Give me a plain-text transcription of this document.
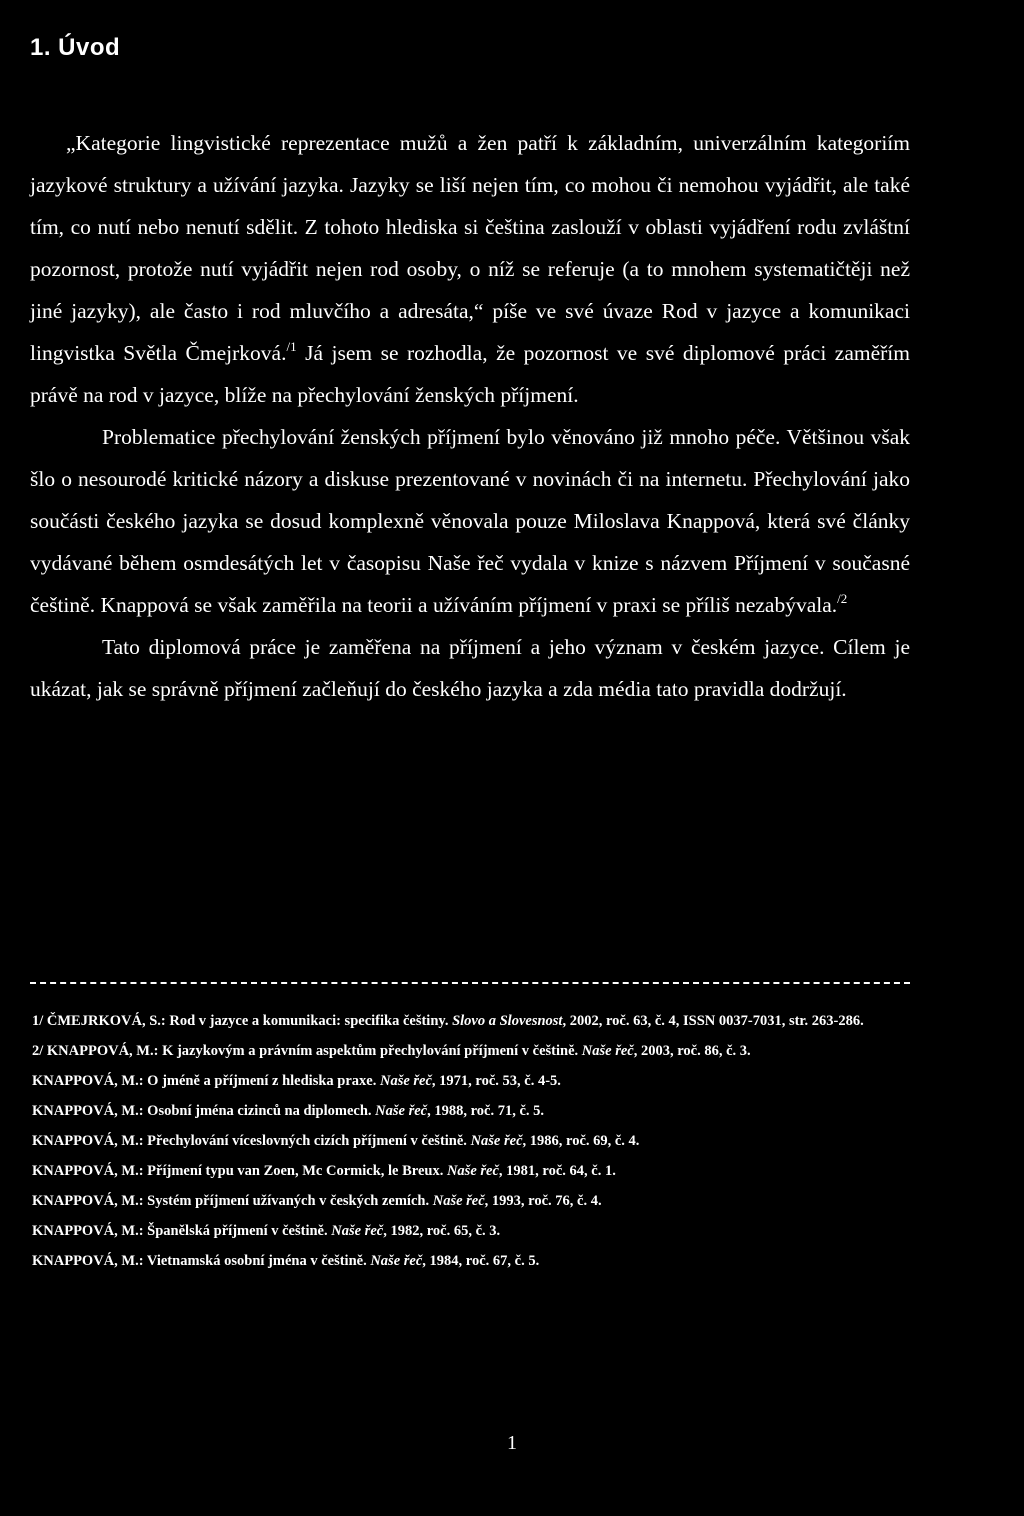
1. Úvod

„Kategorie lingvistické reprezentace mužů a žen patří k základním, univerzálním kategoriím jazykové struktury a užívání jazyka. Jazyky se liší nejen tím, co mohou či nemohou vyjádřit, ale také tím, co nutí nebo nenutí sdělit. Z tohoto hlediska si čeština zaslouží v oblasti vyjádření rodu zvláštní pozornost, protože nutí vyjádřit nejen rod osoby, o níž se referuje (a to mnohem systematičtěji než jiné jazyky), ale často i rod mluvčího a adresáta,“ píše ve své úvaze Rod v jazyce a komunikaci lingvistka Světla Čmejrková.$^{/1}$ Já jsem se rozhodla, že pozornost ve své diplomové práci zaměřím právě na rod v jazyce, blíže na přechylování ženských příjmení.

Problematice přechylování ženských příjmení bylo věnováno již mnoho péče. Většinou však šlo o nesourodé kritické názory a diskuse prezentované v novinách či na internetu. Přechylování jako součásti českého jazyka se dosud komplexně věnovala pouze Miloslava Knappová, která své články vydávané během osmdesátých let v časopisu Naše řeč vydala v knize s názvem Příjmení v současné češtině. Knappová se však zaměřila na teorii a užíváním příjmení v praxi se příliš nezabývala.$^{/2}$

Tato diplomová práce je zaměřena na příjmení a jeho význam v českém jazyce. Cílem je ukázat, jak se správně příjmení začleňují do českého jazyka a zda média tato pravidla dodržují.

1/ ČMEJRKOVÁ, S.: Rod v jazyce a komunikaci: specifika češtiny. Slovo a Slovesnost, 2002, roč. 63, č. 4, ISSN 0037-7031, str. 263-286.

2/ KNAPPOVÁ, M.: K jazykovým a právním aspektům přechylování příjmení v češtině. Naše řeč, 2003, roč. 86, č. 3.

KNAPPOVÁ, M.: O jméně a příjmení z hlediska praxe. Naše řeč, 1971, roč. 53, č. 4-5.

KNAPPOVÁ, M.: Osobní jména cizinců na diplomech. Naše řeč, 1988, roč. 71, č. 5.

KNAPPOVÁ, M.: Přechylování víceslovných cizích příjmení v češtině. Naše řeč, 1986, roč. 69, č. 4.

KNAPPOVÁ, M.: Příjmení typu van Zoen, Mc Cormick, le Breux. Naše řeč, 1981, roč. 64, č. 1.

KNAPPOVÁ, M.: Systém příjmení užívaných v českých zemích. Naše řeč, 1993, roč. 76, č. 4.

KNAPPOVÁ, M.: Španělská příjmení v češtině. Naše řeč, 1982, roč. 65, č. 3.

KNAPPOVÁ, M.: Vietnamská osobní jména v češtině. Naše řeč, 1984, roč. 67, č. 5.

1
